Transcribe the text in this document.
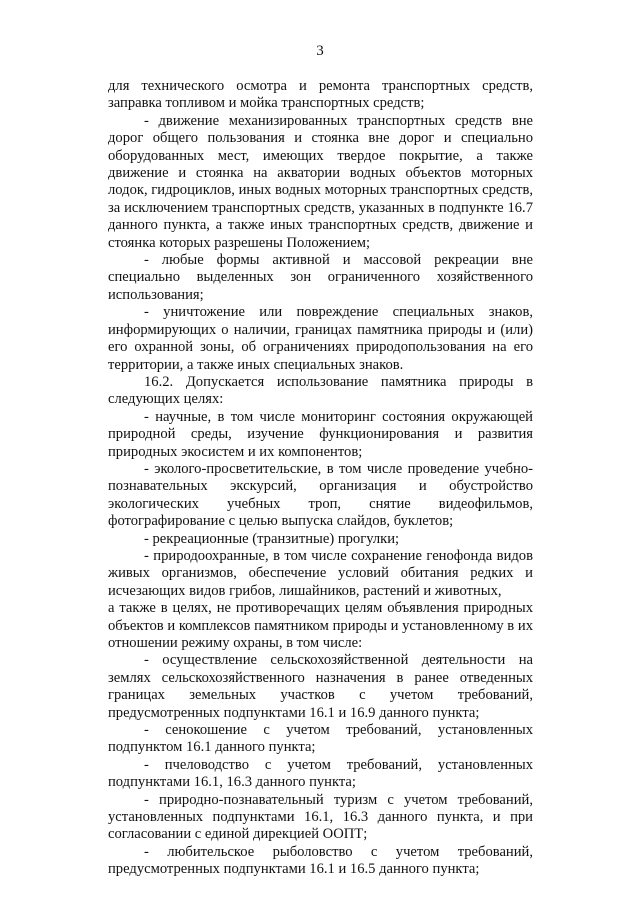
3

для технического осмотра и ремонта транспортных средств, заправка топливом и мойка транспортных средств;

- движение механизированных транспортных средств вне дорог общего пользования и стоянка вне дорог и специально оборудованных мест, имеющих твердое покрытие, а также движение и стоянка на акватории водных объектов моторных лодок, гидроциклов, иных водных моторных транспортных средств, за исключением транспортных средств, указанных в подпункте 16.7 данного пункта, а также иных транспортных средств, движение и стоянка которых разрешены Положением;

- любые формы активной и массовой рекреации вне специально выделенных зон ограниченного хозяйственного использования;

- уничтожение или повреждение специальных знаков, информирующих о наличии, границах памятника природы и (или) его охранной зоны, об ограничениях природопользования на его территории, а также иных специальных знаков.

16.2. Допускается использование памятника природы в следующих целях:

- научные, в том числе мониторинг состояния окружающей природной среды, изучение функционирования и развития природных экосистем и их компонентов;

- эколого-просветительские, в том числе проведение учебно-познавательных экскурсий, организация и обустройство экологических учебных троп, снятие видеофильмов, фотографирование с целью выпуска слайдов, буклетов;

- рекреационные (транзитные) прогулки;

- природоохранные, в том числе сохранение генофонда видов живых организмов, обеспечение условий обитания редких и исчезающих видов грибов, лишайников, растений и животных,

а также в целях, не противоречащих целям объявления природных объектов и комплексов памятником природы и установленному в их отношении режиму охраны, в том числе:

- осуществление сельскохозяйственной деятельности на землях сельскохозяйственного назначения в ранее отведенных границах земельных участков с учетом требований, предусмотренных подпунктами 16.1 и 16.9 данного пункта;

- сенокошение с учетом требований, установленных подпунктом 16.1 данного пункта;

- пчеловодство с учетом требований, установленных подпунктами 16.1, 16.3 данного пункта;

- природно-познавательный туризм с учетом требований, установленных подпунктами 16.1, 16.3 данного пункта, и при согласовании с единой дирекцией ООПТ;

- любительское рыболовство с учетом требований, предусмотренных подпунктами 16.1 и 16.5 данного пункта;
